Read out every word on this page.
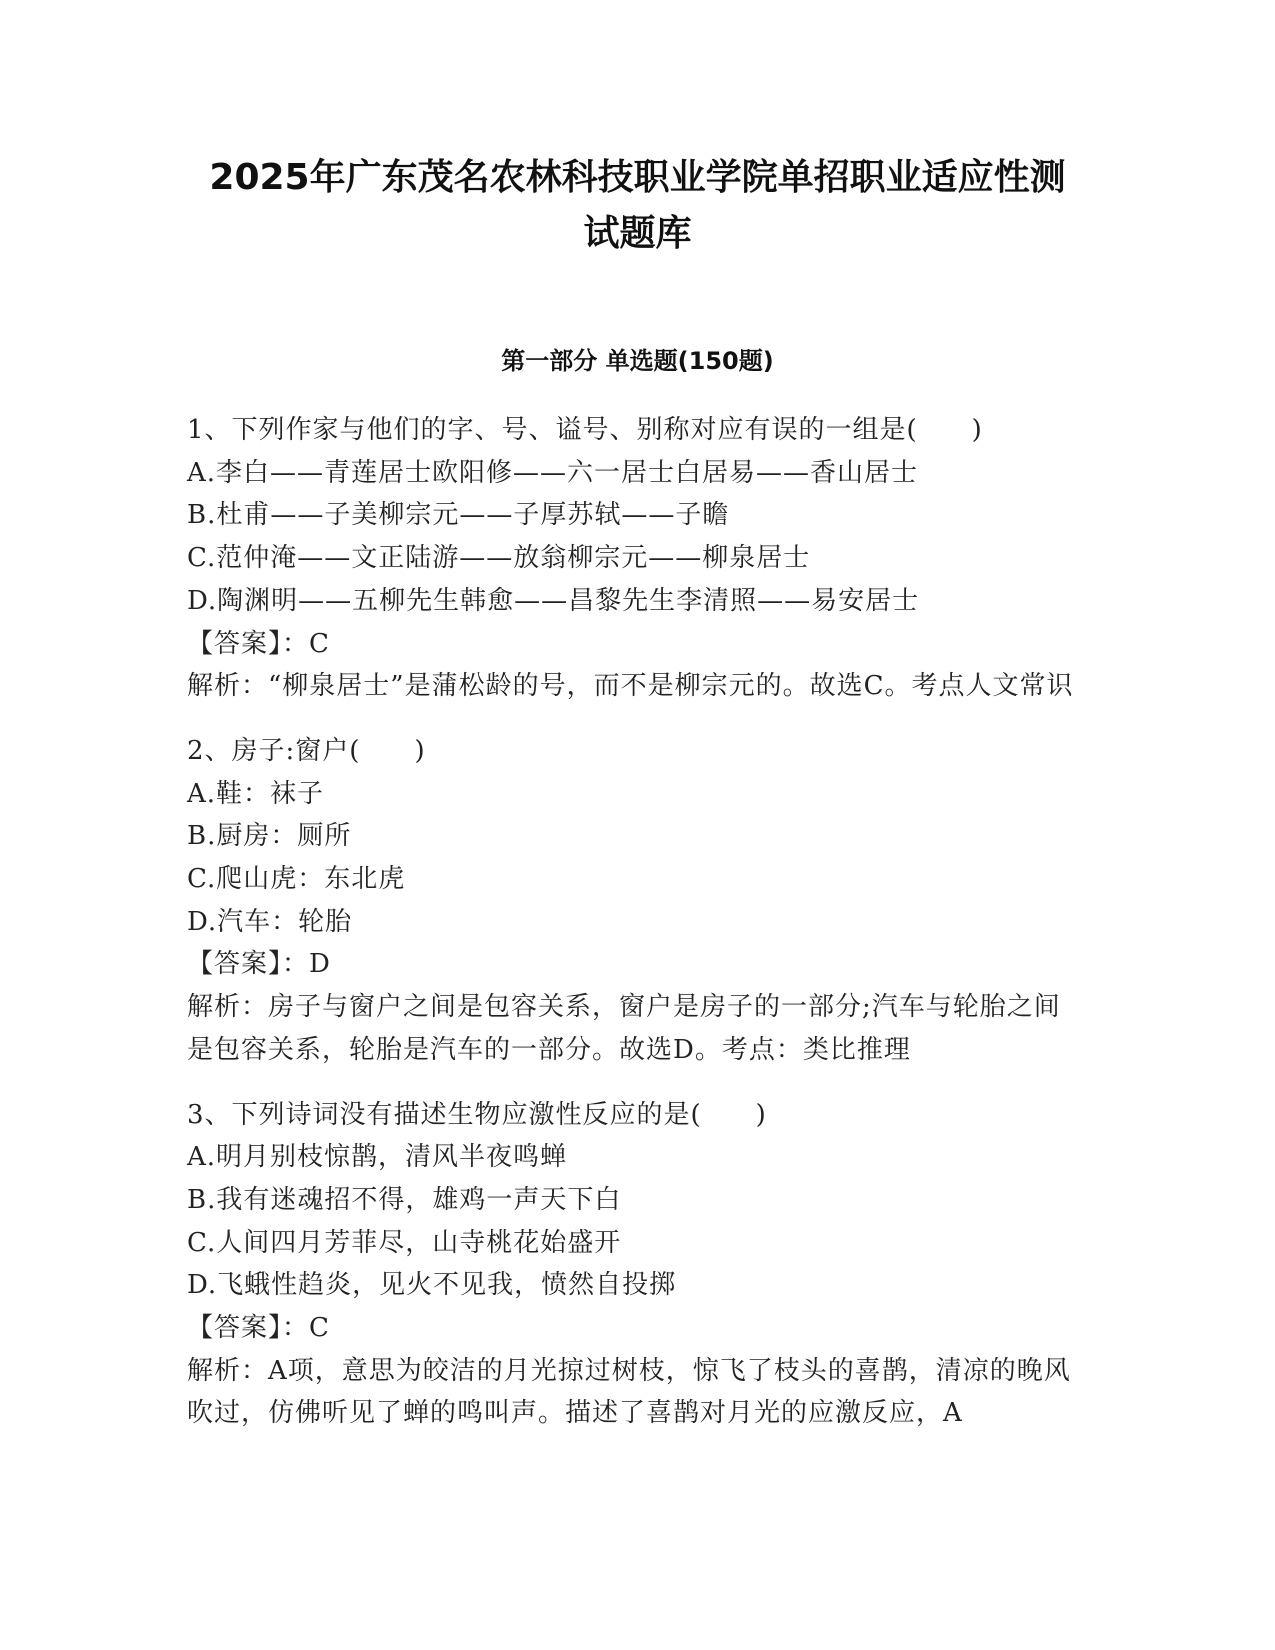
2025年广东茂名农林科技职业学院单招职业适应性测
试题库
第一部分 单选题(150题)
1、下列作家与他们的字、号、谥号、别称对应有误的一组是(　　)
A.李白——青莲居士欧阳修——六一居士白居易——香山居士
B.杜甫——子美柳宗元——子厚苏轼——子瞻
C.范仲淹——文正陆游——放翁柳宗元——柳泉居士
D.陶渊明——五柳先生韩愈——昌黎先生李清照——易安居士
【答案】：C
解析：“柳泉居士”是蒲松龄的号，而不是柳宗元的。故选C。考点人文常识
2、房子:窗户(　　)
A.鞋：袜子
B.厨房：厕所
C.爬山虎：东北虎
D.汽车：轮胎
【答案】：D
解析：房子与窗户之间是包容关系，窗户是房子的一部分;汽车与轮胎之间是包容关系，轮胎是汽车的一部分。故选D。考点：类比推理
3、下列诗词没有描述生物应激性反应的是(　　)
A.明月别枝惊鹊，清风半夜鸣蝉
B.我有迷魂招不得，雄鸡一声天下白
C.人间四月芳菲尽，山寺桃花始盛开
D.飞蛾性趋炎，见火不见我，愤然自投掷
【答案】：C
解析：A项，意思为皎洁的月光掠过树枝，惊飞了枝头的喜鹊，清凉的晚风吹过，仿佛听见了蝉的鸣叫声。描述了喜鹊对月光的应激反应，A
